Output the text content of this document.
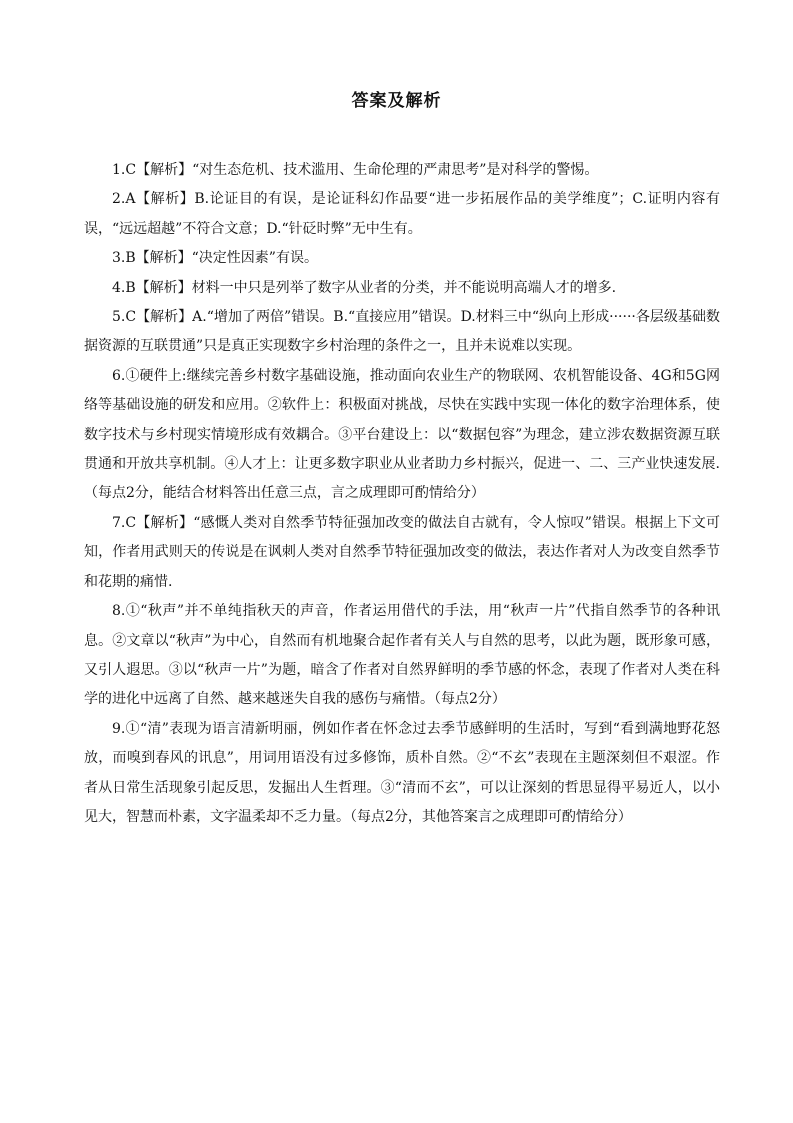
答案及解析

1.C【解析】“对生态危机、技术滥用、生命伦理的严肃思考”是对科学的警惕。

2.A【解析】B.论证目的有误，是论证科幻作品要“进一步拓展作品的美学维度”；C.证明内容有误，“远远超越”不符合文意；D.“针砭时弊”无中生有。

3.B【解析】“决定性因素”有误。

4.B【解析】材料一中只是列举了数字从业者的分类，并不能说明高端人才的增多.

5.C【解析】A.“增加了两倍”错误。B.“直接应用”错误。D.材料三中“纵向上形成······各层级基础数据资源的互联贯通”只是真正实现数字乡村治理的条件之一，且并未说难以实现。

6.①硬件上:继续完善乡村数字基础设施，推动面向农业生产的物联网、农机智能设备、4G和5G网络等基础设施的研发和应用。②软件上：积极面对挑战，尽快在实践中实现一体化的数字治理体系，使数字技术与乡村现实情境形成有效耦合。③平台建设上：以“数据包容”为理念，建立涉农数据资源互联贯通和开放共享机制。④人才上：让更多数字职业从业者助力乡村振兴，促进一、二、三产业快速发展.（每点2分，能结合材料答出任意三点，言之成理即可酌情给分）

7.C【解析】“感慨人类对自然季节特征强加改变的做法自古就有，令人惊叹”错误。根据上下文可知，作者用武则天的传说是在讽刺人类对自然季节特征强加改变的做法，表达作者对人为改变自然季节和花期的痛惜.

8.①“秋声”并不单纯指秋天的声音，作者运用借代的手法，用“秋声一片”代指自然季节的各种讯息。②文章以“秋声”为中心，自然而有机地聚合起作者有关人与自然的思考，以此为题，既形象可感，又引人遐思。③以“秋声一片”为题，暗含了作者对自然界鲜明的季节感的怀念，表现了作者对人类在科学的进化中远离了自然、越来越迷失自我的感伤与痛惜。（每点2分）

9.①“清”表现为语言清新明丽，例如作者在怀念过去季节感鲜明的生活时，写到“看到满地野花怒放，而嗅到春风的讯息”，用词用语没有过多修饰，质朴自然。②“不玄”表现在主题深刻但不艰涩。作者从日常生活现象引起反思，发掘出人生哲理。③“清而不玄”，可以让深刻的哲思显得平易近人，以小见大，智慧而朴素，文字温柔却不乏力量。（每点2分，其他答案言之成理即可酌情给分）
